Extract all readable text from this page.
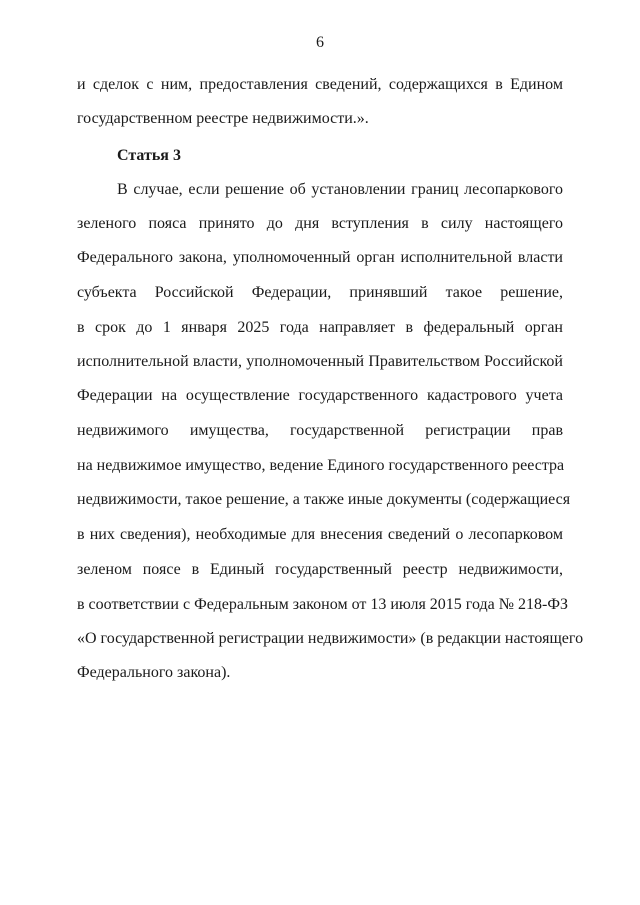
6
и сделок с ним, предоставления сведений, содержащихся в Едином
государственном реестре недвижимости.».
Статья 3
В случае, если решение об установлении границ лесопаркового
зеленого пояса принято до дня вступления в силу настоящего
Федерального закона, уполномоченный орган исполнительной власти
субъекта Российской Федерации, принявший такое решение,
в срок до 1 января 2025 года направляет в федеральный орган
исполнительной власти, уполномоченный Правительством Российской
Федерации на осуществление государственного кадастрового учета
недвижимого имущества, государственной регистрации прав
на недвижимое имущество, ведение Единого государственного реестра
недвижимости, такое решение, а также иные документы (содержащиеся
в них сведения), необходимые для внесения сведений о лесопарковом
зеленом поясе в Единый государственный реестр недвижимости,
в соответствии с Федеральным законом от 13 июля 2015 года № 218-ФЗ
«О государственной регистрации недвижимости» (в редакции настоящего
Федерального закона).
